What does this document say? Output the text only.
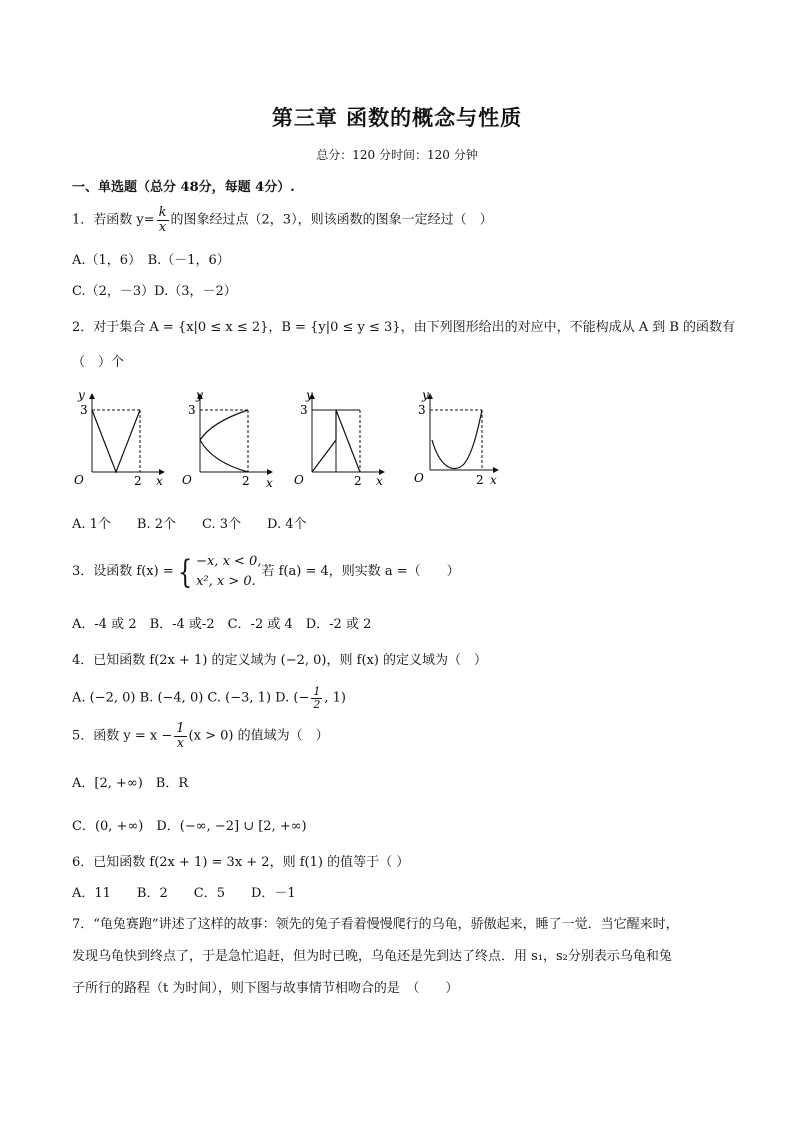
第三章 函数的概念与性质
总分：120 分时间：120 分钟
一、单选题（总分 48分，每题 4分）.
1．若函数 $y= \frac{k}{x}$ 的图象经过点（2，3），则该函数的图象一定经过（　）
A.（1，6）　B.（－1，6）
C.（2，－3）D.（3，－2）
2．对于集合 A = {x|0 ≤ x ≤ 2}，B = {y|0 ≤ y ≤ 3}，由下列图形给出的对应中，不能构成从 A 到 B 的函数有
（　）个
O
3
2 x
y
O
3
2 x
y
O
3
2 x
y
O
3
2 x
y
A. 1个　　B. 2个　　C. 3个　　D. 4个
3．设函数 f(x) = { −x, x < 0,
x², x > 0.
若 f(a) = 4，则实数 a =（　　）
A．-4 或 2　B．-4 或-2　C．-2 或 4　D．-2 或 2
4．已知函数 f(2x + 1) 的定义域为 (−2, 0)，则 f(x) 的定义域为（　）
A. (−2, 0) B. (−4, 0) C. (−3, 1) D. (− $\frac{1}{2}$ , 1)
5．函数 $y = x - \frac{1}{x} (x > 0)$ 的值域为（　）
A．[2, +∞)　B．R
C．(0, +∞)　D．(−∞, −2] ∪ [2, +∞)
6．已知函数 f(2x + 1) = 3x + 2，则 f(1) 的值等于（ ）
A．11　　B．2　　C．5　　D．－1
7．“龟兔赛跑”讲述了这样的故事：领先的兔子看着慢慢爬行的乌龟，骄傲起来，睡了一觉．当它醒来时，
发现乌龟快到终点了，于是急忙追赶，但为时已晚，乌龟还是先到达了终点．用 s₁，s₂分别表示乌龟和兔
子所行的路程（t 为时间），则下图与故事情节相吻合的是　（　　）
